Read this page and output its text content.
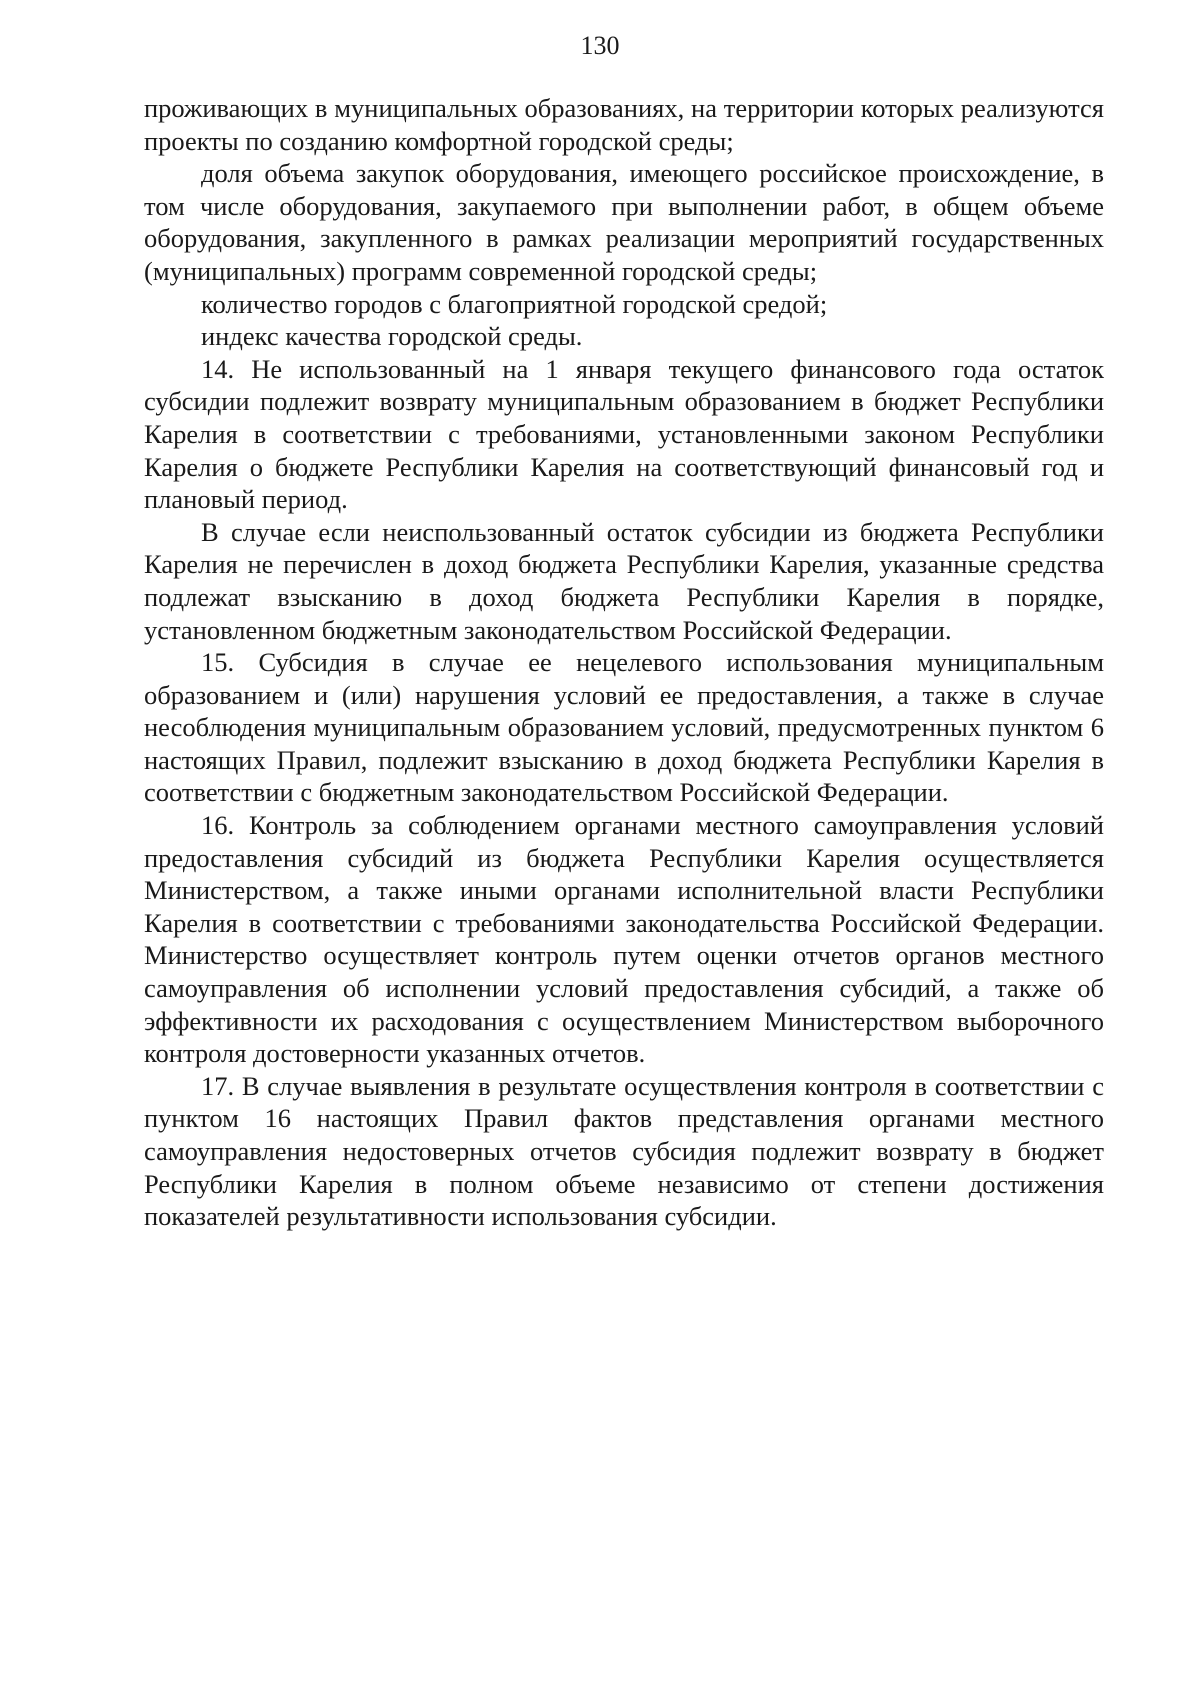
130

проживающих в муниципальных образованиях, на территории которых реализуются проекты по созданию комфортной городской среды;

доля объема закупок оборудования, имеющего российское происхождение, в том числе оборудования, закупаемого при выполнении работ, в общем объеме оборудования, закупленного в рамках реализации мероприятий государственных (муниципальных) программ современной городской среды;

количество городов с благоприятной городской средой;

индекс качества городской среды.

14. Не использованный на 1 января текущего финансового года остаток субсидии подлежит возврату муниципальным образованием в бюджет Республики Карелия в соответствии с требованиями, установленными законом Республики Карелия о бюджете Республики Карелия на соответствующий финансовый год и плановый период.

В случае если неиспользованный остаток субсидии из бюджета Республики Карелия не перечислен в доход бюджета Республики Карелия, указанные средства подлежат взысканию в доход бюджета Республики Карелия в порядке, установленном бюджетным законодательством Российской Федерации.

15. Субсидия в случае ее нецелевого использования муниципальным образованием и (или) нарушения условий ее предоставления, а также в случае несоблюдения муниципальным образованием условий, предусмотренных пунктом 6 настоящих Правил, подлежит взысканию в доход бюджета Республики Карелия в соответствии с бюджетным законодательством Российской Федерации.

16. Контроль за соблюдением органами местного самоуправления условий предоставления субсидий из бюджета Республики Карелия осуществляется Министерством, а также иными органами исполнительной власти Республики Карелия в соответствии с требованиями законодательства Российской Федерации. Министерство осуществляет контроль путем оценки отчетов органов местного самоуправления об исполнении условий предоставления субсидий, а также об эффективности их расходования с осуществлением Министерством выборочного контроля достоверности указанных отчетов.

17. В случае выявления в результате осуществления контроля в соответствии с пунктом 16 настоящих Правил фактов представления органами местного самоуправления недостоверных отчетов субсидия подлежит возврату в бюджет Республики Карелия в полном объеме независимо от степени достижения показателей результативности использования субсидии.
